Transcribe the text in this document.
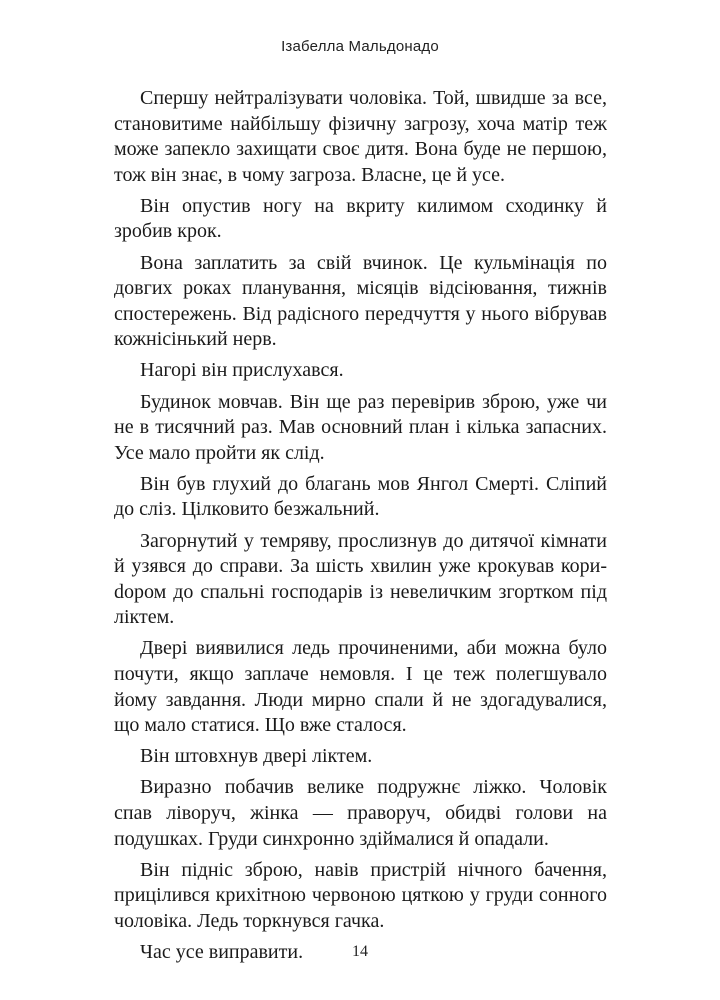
Ізабелла Мальдонадо

Спершу нейтралізувати чоловіка. Той, швидше за все, становитиме найбільшу фізичну загрозу, хоча матір теж може запекло захищати своє дитя. Вона буде не першою, тож він знає, в чому загроза. Власне, це й усе.

Він опустив ногу на вкриту килимом сходинку й зробив крок.

Вона заплатить за свій вчинок. Це кульмінація по довгих роках планування, місяців відсіювання, тижнів спостережень. Від радісного передчуття у нього вібрував кожнісінький нерв.

Нагорі він прислухався.

Будинок мовчав. Він ще раз перевірив зброю, уже чи не в тисячний раз. Мав основний план і кілька запасних. Усе мало пройти як слід.

Він був глухий до благань мов Янгол Смерті. Сліпий до сліз. Цілковито безжальний.

Загорнутий у темряву, прослизнув до дитячої кімнати й узявся до справи. За шість хвилин уже крокував кориdором до спальні господарів із невеличким згортком під ліктем.

Двері виявилися ледь прочиненими, аби можна було почути, якщо заплаче немовля. І це теж полегшувало йому завдання. Люди мирно спали й не здогадувалися, що мало статися. Що вже сталося.

Він штовхнув двері ліктем.

Виразно побачив велике подружнє ліжко. Чоловік спав ліворуч, жінка — праворуч, обидві голови на подушках. Груди синхронно здіймалися й опадали.

Він підніс зброю, навів пристрій нічного бачення, прицілився крихітною червоною цяткою у груди сонного чоловіка. Ледь торкнувся гачка.

Час усе виправити.	14
